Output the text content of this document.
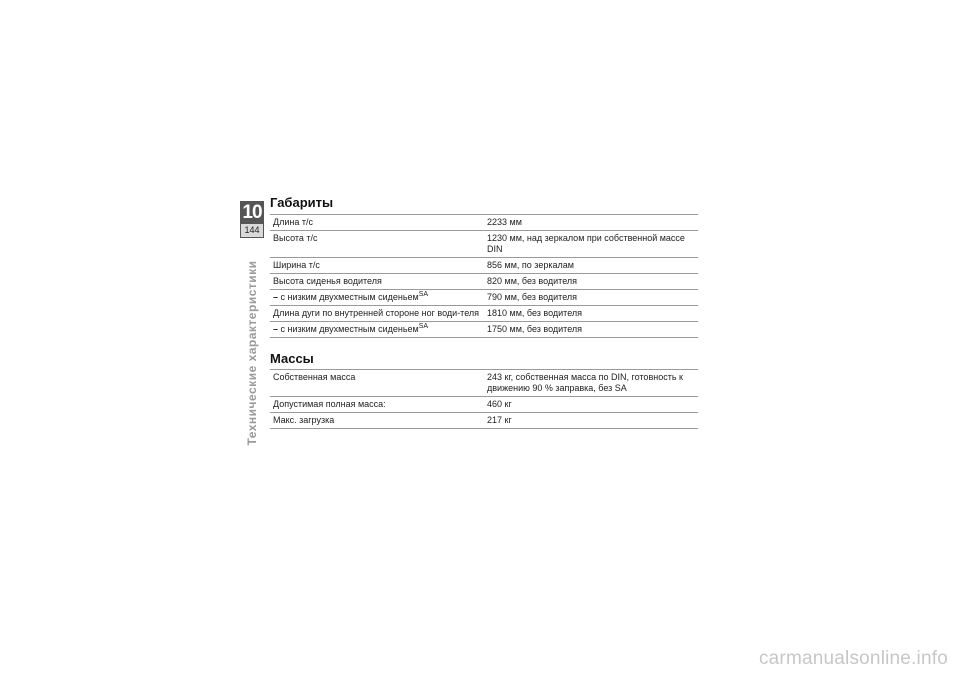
10
144
Технические характеристики
Габариты
Длина т/с	2233 мм
Высота т/с	1230 мм, над зеркалом при собственной массе DIN
Ширина т/с	856 мм, по зеркалам
Высота сиденья водителя	820 мм, без водителя
– с низким двухместным сиденьем$^{SA}$	790 мм, без водителя
Длина дуги по внутренней стороне ног води-теля	1810 мм, без водителя
– с низким двухместным сиденьем$^{SA}$	1750 мм, без водителя
Массы
Собственная масса	243 кг, собственная масса по DIN, готовность к движению 90 % заправка, без SA
Допустимая полная масса:	460 кг
Макс. загрузка	217 кг
carmanualsonline.info
